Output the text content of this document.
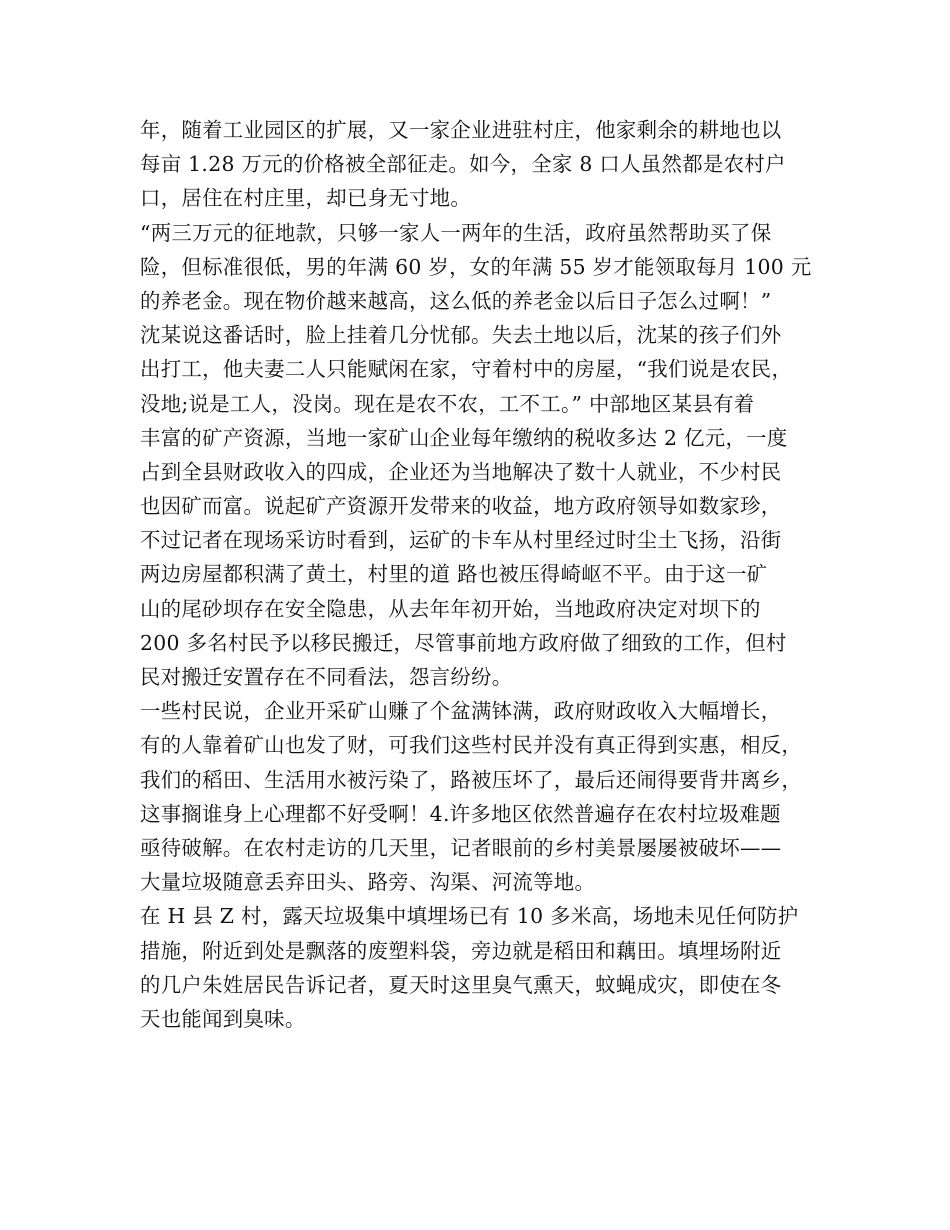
年，随着工业园区的扩展，又一家企业进驻村庄，他家剩余的耕地也以
每亩 1.28 万元的价格被全部征走。如今，全家 8 口人虽然都是农村户
口，居住在村庄里，却已身无寸地。
“两三万元的征地款，只够一家人一两年的生活，政府虽然帮助买了保
险，但标准很低，男的年满 60 岁，女的年满 55 岁才能领取每月 100 元
的养老金。现在物价越来越高，这么低的养老金以后日子怎么过啊！”
沈某说这番话时，脸上挂着几分忧郁。失去土地以后，沈某的孩子们外
出打工，他夫妻二人只能赋闲在家，守着村中的房屋，“我们说是农民，
没地;说是工人，没岗。现在是农不农，工不工。” 中部地区某县有着
丰富的矿产资源，当地一家矿山企业每年缴纳的税收多达 2 亿元，一度
占到全县财政收入的四成，企业还为当地解决了数十人就业，不少村民
也因矿而富。说起矿产资源开发带来的收益，地方政府领导如数家珍，
不过记者在现场采访时看到，运矿的卡车从村里经过时尘土飞扬，沿街
两边房屋都积满了黄土，村里的道 路也被压得崎岖不平。由于这一矿
山的尾砂坝存在安全隐患，从去年年初开始，当地政府决定对坝下的
200 多名村民予以移民搬迁，尽管事前地方政府做了细致的工作，但村
民对搬迁安置存在不同看法，怨言纷纷。
一些村民说，企业开采矿山赚了个盆满钵满，政府财政收入大幅增长，
有的人靠着矿山也发了财，可我们这些村民并没有真正得到实惠，相反，
我们的稻田、生活用水被污染了，路被压坏了，最后还闹得要背井离乡，
这事搁谁身上心理都不好受啊！4.许多地区依然普遍存在农村垃圾难题
亟待破解。在农村走访的几天里，记者眼前的乡村美景屡屡被破坏——
大量垃圾随意丢弃田头、路旁、沟渠、河流等地。
在 H 县 Z 村，露天垃圾集中填埋场已有 10 多米高，场地未见任何防护
措施，附近到处是飘落的废塑料袋，旁边就是稻田和藕田。填埋场附近
的几户朱姓居民告诉记者，夏天时这里臭气熏天，蚊蝇成灾，即使在冬
天也能闻到臭味。
